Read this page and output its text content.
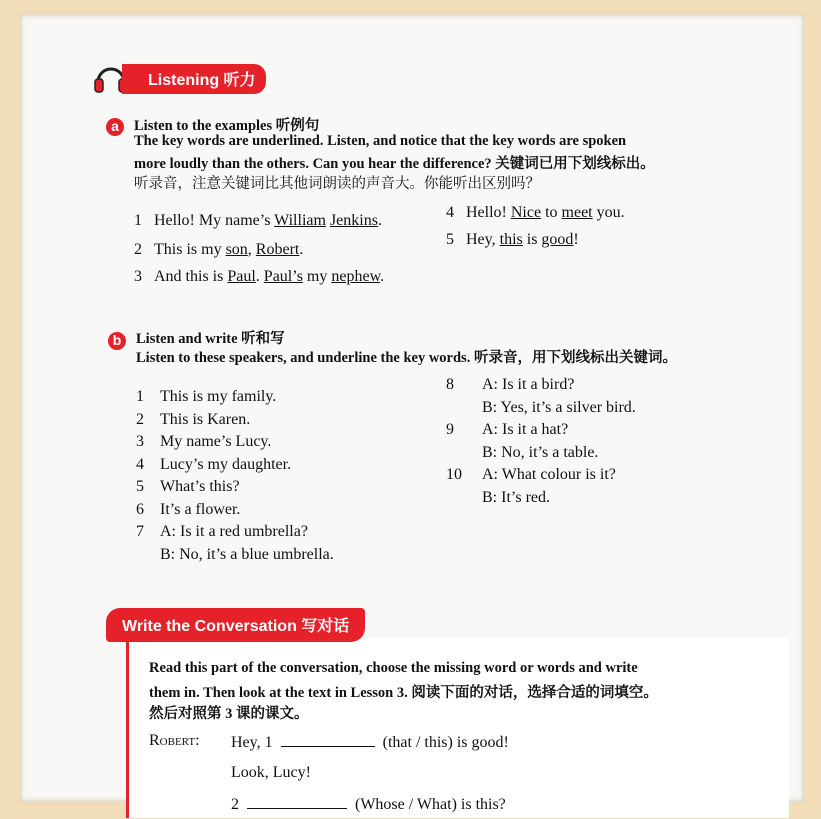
Listening 听力
a	Listen to the examples 听例句
The key words are underlined. Listen, and notice that the key words are spoken
more loudly than the others. Can you hear the difference? 关键词已用下划线标出。
听录音，注意关键词比其他词朗读的声音大。你能听出区别吗？
1 Hello! My name’s William Jenkins.
2 This is my son, Robert.
3 And this is Paul. Paul’s my nephew.
4 Hello! Nice to meet you.
5 Hey, this is good!
b	Listen and write 听和写
Listen to these speakers, and underline the key words. 听录音，用下划线标出关键词。
1 This is my family.
2 This is Karen.
3 My name’s Lucy.
4 Lucy’s my daughter.
5 What’s this?
6 It’s a flower.
7 A: Is it a red umbrella?
B: No, it’s a blue umbrella.
8 A: Is it a bird?
B: Yes, it’s a silver bird.
9 A: Is it a hat?
B: No, it’s a table.
10 A: What colour is it?
B: It’s red.
Read this part of the conversation, choose the missing word or words and write
them in. Then look at the text in Lesson 3. 阅读下面的对话，选择合适的词填空。
然后对照第 3 课的课文。
Robert: Hey, 1	(that / this) is good!
Look, Lucy!
2	(Whose / What) is this?
Write the Conversation 写对话
